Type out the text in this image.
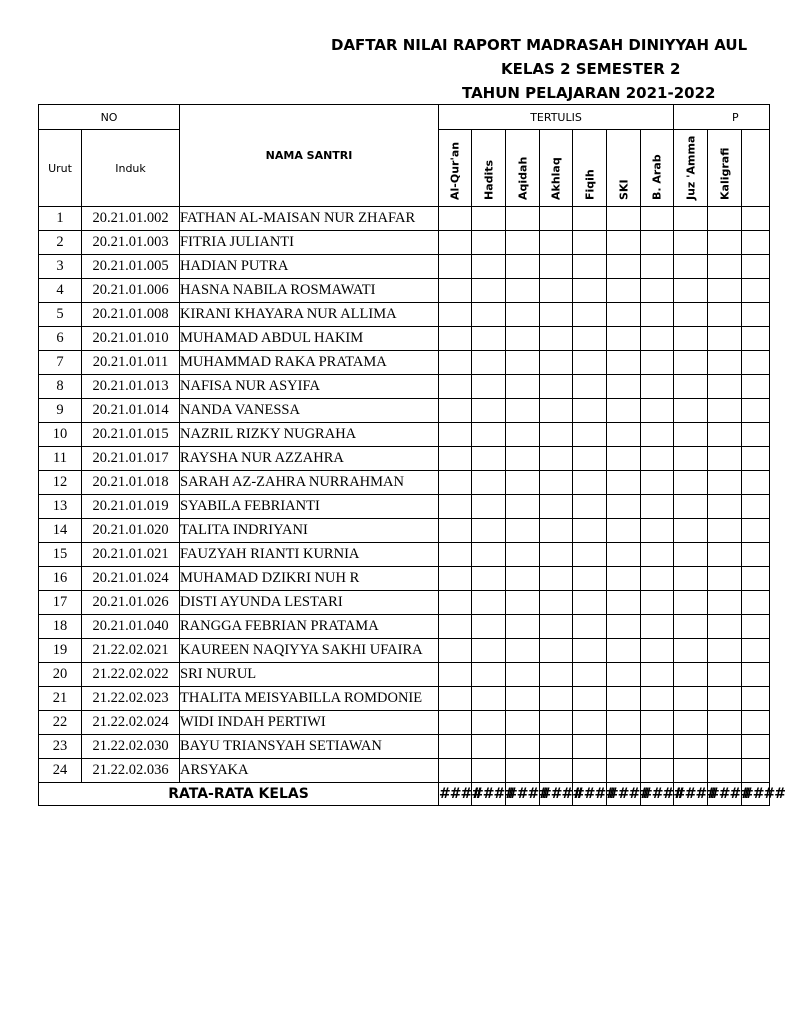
DAFTAR NILAI RAPORT MADRASAH DINIYYAH AUL
KELAS 2 SEMESTER 2
TAHUN PELAJARAN 2021-2022
NO		NAMA SANTRI	TERTULIS							P		
Urut	Induk		Al-Qur'an	Hadits	Aqidah	Akhlaq	Fiqih	SKI	B. Arab	Juz 'Amma	Kaligrafi	

1	20.21.01.002	FATHAN AL-MAISAN NUR ZHAFAR										
2	20.21.01.003	FITRIA JULIANTI										
3	20.21.01.005	HADIAN PUTRA										
4	20.21.01.006	HASNA NABILA ROSMAWATI										
5	20.21.01.008	KIRANI KHAYARA NUR ALLIMA										
6	20.21.01.010	MUHAMAD ABDUL HAKIM										
7	20.21.01.011	MUHAMMAD RAKA PRATAMA										
8	20.21.01.013	NAFISA NUR ASYIFA										
9	20.21.01.014	NANDA VANESSA										
10	20.21.01.015	NAZRIL RIZKY NUGRAHA										
11	20.21.01.017	RAYSHA NUR AZZAHRA										
12	20.21.01.018	SARAH AZ-ZAHRA NURRAHMAN										
13	20.21.01.019	SYABILA FEBRIANTI										
14	20.21.01.020	TALITA INDRIYANI										
15	20.21.01.021	FAUZYAH RIANTI KURNIA										
16	20.21.01.024	MUHAMAD DZIKRI NUH R										
17	20.21.01.026	DISTI AYUNDA LESTARI										
18	20.21.01.040	RANGGA FEBRIAN PRATAMA										
19	21.22.02.021	KAUREEN NAQIYYA SAKHI UFAIRA										
20	21.22.02.022	SRI NURUL										
21	21.22.02.023	THALITA MEISYABILLA ROMDONIE										
22	21.22.02.024	WIDI INDAH PERTIWI										
23	21.22.02.030	BAYU TRIANSYAH SETIAWAN										
24	21.22.02.036	ARSYAKA										
RATA-RATA KELAS			####	####	####	####	####	####	####	####	####	####
